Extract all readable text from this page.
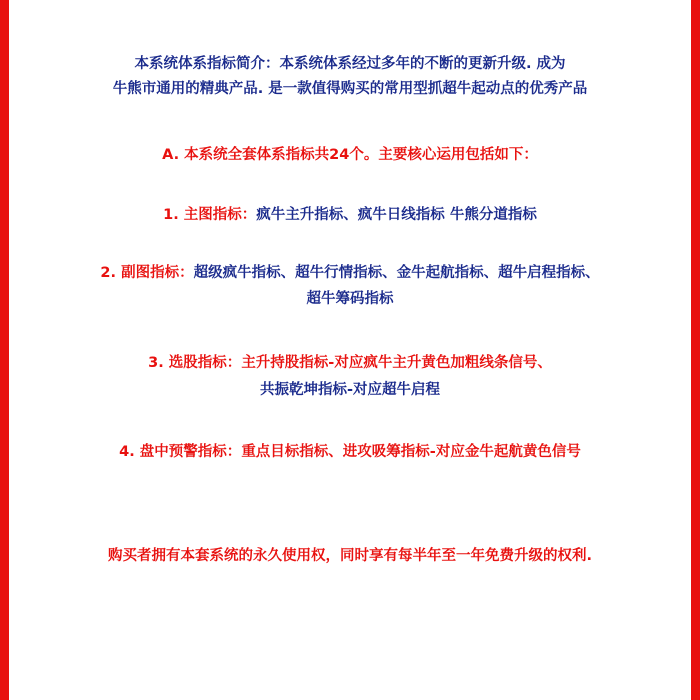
本系统体系指标简介：本系统体系经过多年的不断的更新升级. 成为
牛熊市通用的精典产品. 是一款值得购买的常用型抓超牛起动点的优秀产品
A. 本系统全套体系指标共24个。主要核心运用包括如下：
1. 主图指标：疯牛主升指标、疯牛日线指标 牛熊分道指标
2. 副图指标：超级疯牛指标、超牛行情指标、金牛起航指标、超牛启程指标、
超牛筹码指标
3. 选股指标：主升持股指标-对应疯牛主升黄色加粗线条信号、
共振乾坤指标-对应超牛启程
4. 盘中预警指标：重点目标指标、进攻吸筹指标-对应金牛起航黄色信号
购买者拥有本套系统的永久使用权，同时享有每半年至一年免费升级的权利.
